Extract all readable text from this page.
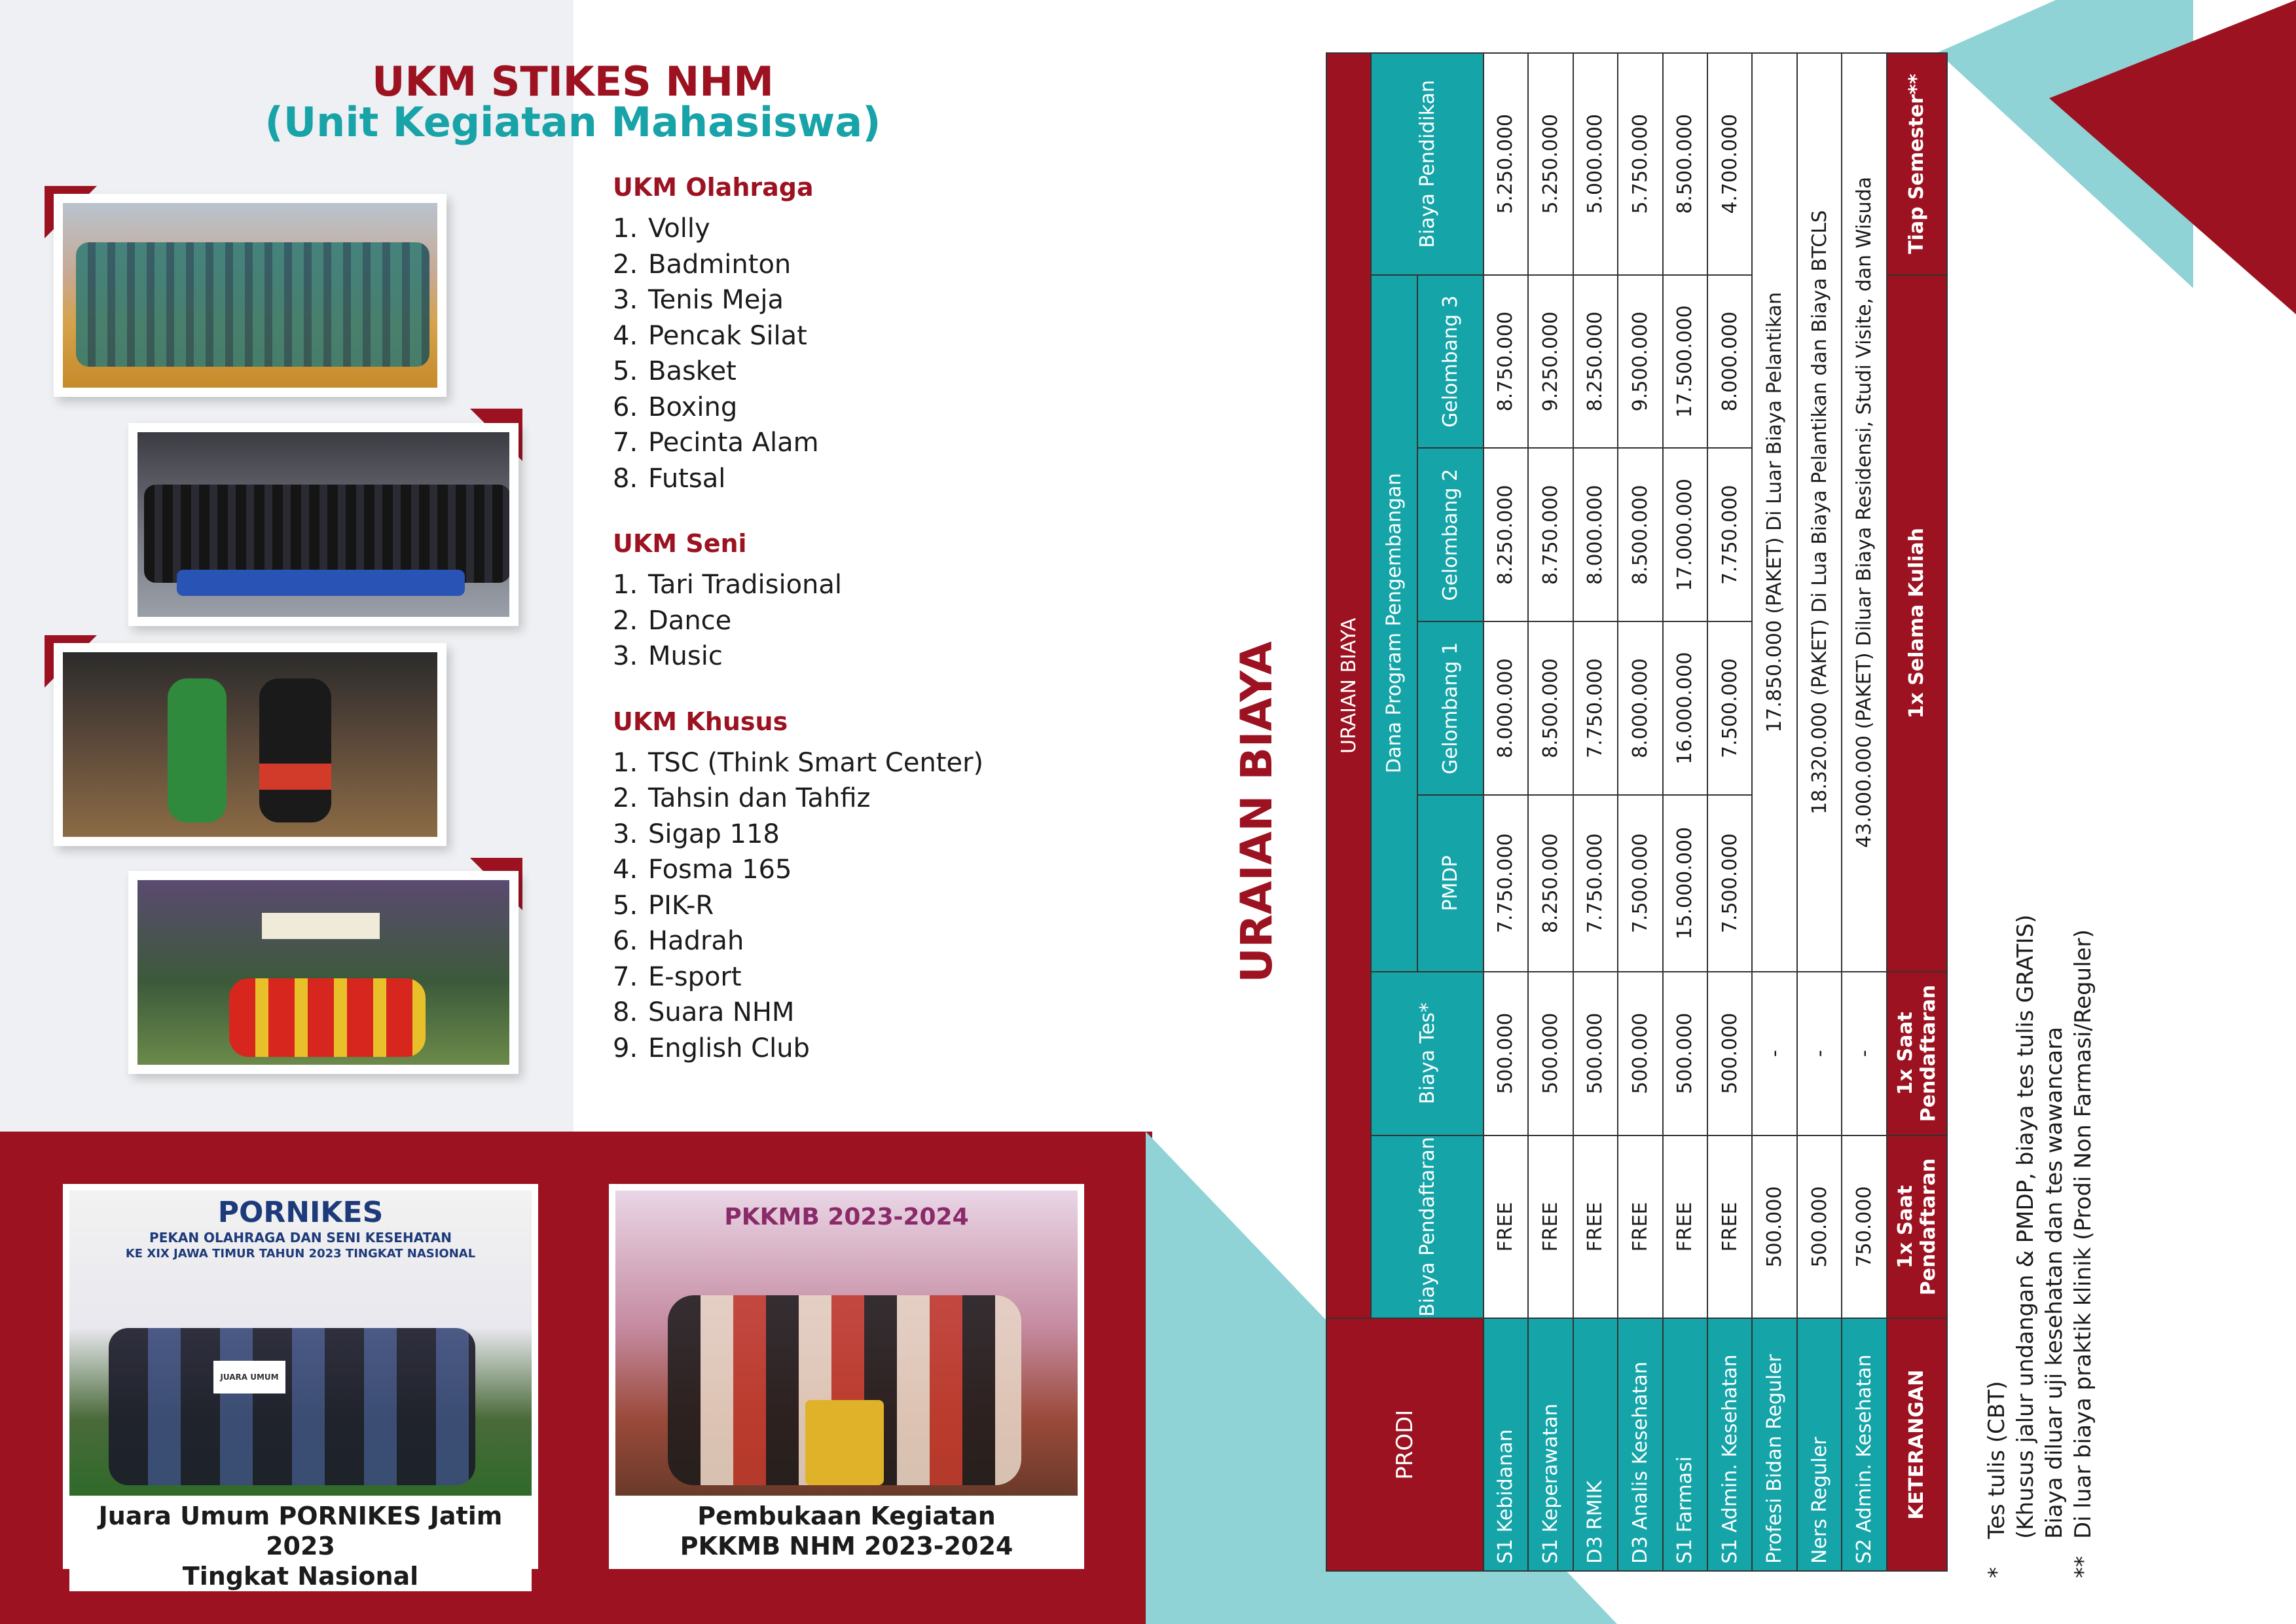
UKM STIKES NHM
(Unit Kegiatan Mahasiswa)
UKM Olahraga
1. Volly
2. Badminton
3. Tenis Meja
4. Pencak Silat
5. Basket
6. Boxing
7. Pecinta Alam
8. Futsal
UKM Seni
1. Tari Tradisional
2. Dance
3. Music
UKM Khusus
1. TSC (Think Smart Center)
2. Tahsin dan Tahfiz
3. Sigap 118
4. Fosma 165
5. PIK-R
6. Hadrah
7. E-sport
8. Suara NHM
9. English Club
PORNIKES
PEKAN OLAHRAGA DAN SENI KESEHATAN
KE XIX JAWA TIMUR TAHUN 2023 TINGKAT NASIONAL
JUARA UMUM
Juara Umum PORNIKES Jatim 2023
Tingkat Nasional
PKKMB 2023-2024
Pembukaan Kegiatan
PKKMB NHM 2023-2024
URAIAN BIAYA
PRODI	URAIAN BIAYA						
	Biaya Pendaftaran	Biaya Tes*	Dana Program Pengembangan				Biaya Pendidikan
			PMDP	Gelombang 1	Gelombang 2	Gelombang 3	
S1 Kebidanan	FREE	500.000	7.750.000	8.000.000	8.250.000	8.750.000	5.250.000
S1 Keperawatan	FREE	500.000	8.250.000	8.500.000	8.750.000	9.250.000	5.250.000
D3 RMIK	FREE	500.000	7.750.000	7.750.000	8.000.000	8.250.000	5.000.000
D3 Analis Kesehatan	FREE	500.000	7.500.000	8.000.000	8.500.000	9.500.000	5.750.000
S1 Farmasi	FREE	500.000	15.000.000	16.000.000	17.000.000	17.500.000	8.500.000
S1 Admin. Kesehatan	FREE	500.000	7.500.000	7.500.000	7.750.000	8.000.000	4.700.000
Profesi Bidan Reguler	500.000	-	17.850.000 (PAKET) Di Luar Biaya Pelantikan				
Ners Reguler	500.000	-	18.320.000 (PAKET) Di Lua Biaya Pelantikan dan Biaya BTCLS				
S2 Admin. Kesehatan	750.000	-	43.000.000 (PAKET) Diluar Biaya Residensi, Studi Visite, dan Wisuda				
KETERANGAN	1x Saat Pendaftaran	1x Saat Pendaftaran	1x Selama Kuliah				Tiap Semester**
*
Tes tulis (CBT) (Khusus jalur undangan & PMDP, biaya tes tulis GRATIS) Biaya diluar uji kesehatan dan tes wawancara
**
Di luar biaya praktik klinik (Prodi Non Farmasi/Reguler)
